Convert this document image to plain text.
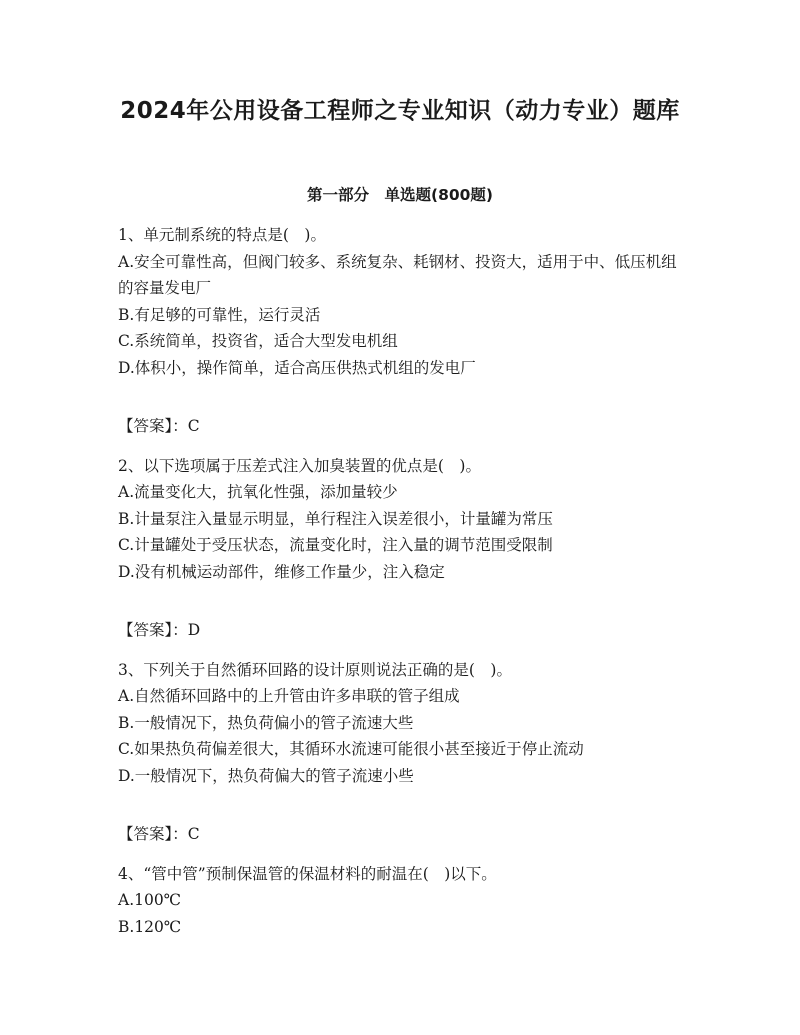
2024年公用设备工程师之专业知识（动力专业）题库
第一部分　单选题(800题)

1、单元制系统的特点是(　)。

A.安全可靠性高，但阀门较多、系统复杂、耗钢材、投资大，适用于中、低压机组的容量发电厂

B.有足够的可靠性，运行灵活

C.系统简单，投资省，适合大型发电机组

D.体积小，操作简单，适合高压供热式机组的发电厂

【答案】：C

2、以下选项属于压差式注入加臭装置的优点是(　)。

A.流量变化大，抗氧化性强，添加量较少

B.计量泵注入量显示明显，单行程注入误差很小，计量罐为常压

C.计量罐处于受压状态，流量变化时，注入量的调节范围受限制

D.没有机械运动部件，维修工作量少，注入稳定

【答案】：D

3、下列关于自然循环回路的设计原则说法正确的是(　)。

A.自然循环回路中的上升管由许多串联的管子组成

B.一般情况下，热负荷偏小的管子流速大些

C.如果热负荷偏差很大，其循环水流速可能很小甚至接近于停止流动

D.一般情况下，热负荷偏大的管子流速小些

【答案】：C

4、“管中管”预制保温管的保温材料的耐温在(　)以下。

A.100℃

B.120℃
